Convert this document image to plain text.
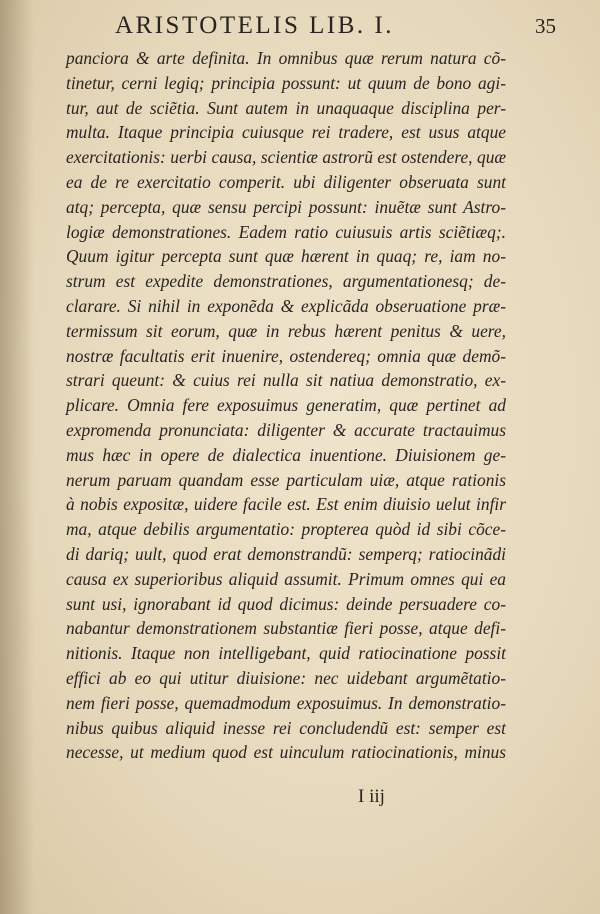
ARISTOTELIS LIB. I.	35
panciora & arte definita. In omnibus quæ rerum natura cõ-
tinetur, cerni legiq; principia possunt: ut quum de bono agi-
tur, aut de sciẽtia. Sunt autem in unaquaque disciplina per-
multa. Itaque principia cuiusque rei tradere, est usus atque
exercitationis: uerbi causa, scientiæ astrorũ est ostendere, quæ
ea de re exercitatio comperit. ubi diligenter obseruata sunt
atq; percepta, quæ sensu percipi possunt: inuẽtæ sunt Astro-
logiæ demonstrationes. Eadem ratio cuiusuis artis sciẽtiæq;.
Quum igitur percepta sunt quæ hærent in quaq; re, iam no-
strum est expedite demonstrationes, argumentationesq; de-
clarare. Si nihil in exponẽda & explicãda obseruatione præ-
termissum sit eorum, quæ in rebus hærent penitus & uere,
nostræ facultatis erit inuenire, ostendereq; omnia quæ demõ-
strari queunt: & cuius rei nulla sit natiua demonstratio, ex-
plicare. Omnia fere exposuimus generatim, quæ pertinet ad
expromenda pronunciata: diligenter & accurate tractauimus
mus hæc in opere de dialectica inuentione. Diuisionem ge-
nerum paruam quandam esse particulam uiæ, atque rationis
à nobis expositæ, uidere facile est. Est enim diuisio uelut infir
ma, atque debilis argumentatio: propterea quòd id sibi cõce-
di dariq; uult, quod erat demonstrandũ: semperq; ratiocinãdi
causa ex superioribus aliquid assumit. Primum omnes qui ea
sunt usi, ignorabant id quod dicimus: deinde persuadere co-
nabantur demonstrationem substantiæ fieri posse, atque defi-
nitionis. Itaque non intelligebant, quid ratiocinatione possit
effici ab eo qui utitur diuisione: nec uidebant argumẽtatio-
nem fieri posse, quemadmodum exposuimus. In demonstratio-
nibus quibus aliquid inesse rei concludendũ est: semper est
necesse, ut medium quod est uinculum ratiocinationis, minus
I iij
